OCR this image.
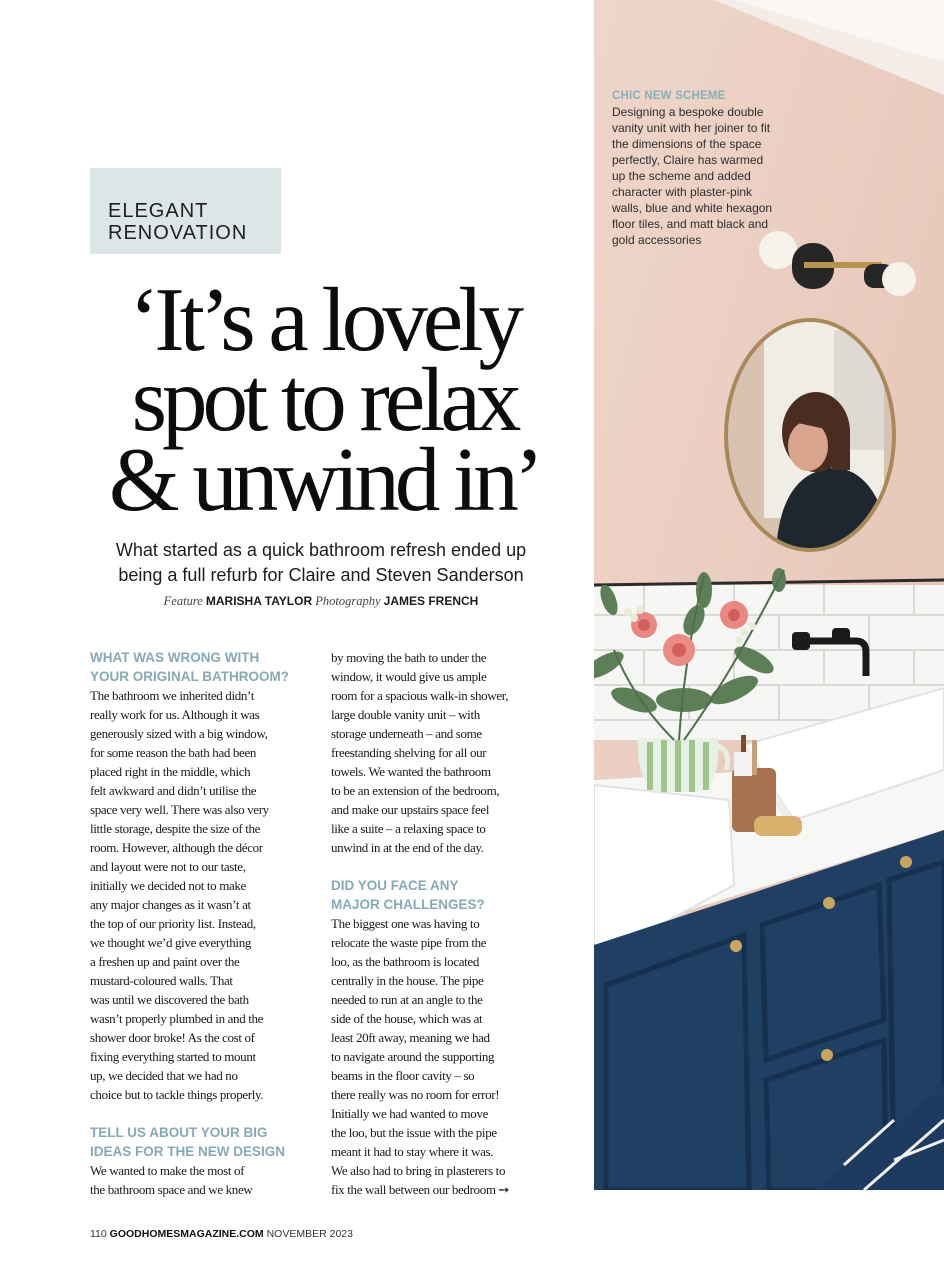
CHIC NEW SCHEME
Designing a bespoke double vanity unit with her joiner to fit the dimensions of the space perfectly, Claire has warmed up the scheme and added character with plaster-pink walls, blue and white hexagon floor tiles, and matt black and gold accessories
ELEGANT
RENOVATION
‘It’s a lovely
spot to relax
& unwind in’
What started as a quick bathroom refresh ended up
being a full refurb for Claire and Steven Sanderson
Feature MARISHA TAYLOR Photography JAMES FRENCH
WHAT WAS WRONG WITH
YOUR ORIGINAL BATHROOM?
The bathroom we inherited didn’t
really work for us. Although it was
generously sized with a big window,
for some reason the bath had been
placed right in the middle, which
felt awkward and didn’t utilise the
space very well. There was also very
little storage, despite the size of the
room. However, although the décor
and layout were not to our taste,
initially we decided not to make
any major changes as it wasn’t at
the top of our priority list. Instead,
we thought we’d give everything
a freshen up and paint over the
mustard-coloured walls. That
was until we discovered the bath
wasn’t properly plumbed in and the
shower door broke! As the cost of
fixing everything started to mount
up, we decided that we had no
choice but to tackle things properly.
TELL US ABOUT YOUR BIG
IDEAS FOR THE NEW DESIGN
We wanted to make the most of
the bathroom space and we knew
by moving the bath to under the
window, it would give us ample
room for a spacious walk-in shower,
large double vanity unit – with
storage underneath – and some
freestanding shelving for all our
towels. We wanted the bathroom
to be an extension of the bedroom,
and make our upstairs space feel
like a suite – a relaxing space to
unwind in at the end of the day.
DID YOU FACE ANY
MAJOR CHALLENGES?
The biggest one was having to
relocate the waste pipe from the
loo, as the bathroom is located
centrally in the house. The pipe
needed to run at an angle to the
side of the house, which was at
least 20ft away, meaning we had
to navigate around the supporting
beams in the floor cavity – so
there really was no room for error!
Initially we had wanted to move
the loo, but the issue with the pipe
meant it had to stay where it was.
We also had to bring in plasterers to
fix the wall between our bedroom ➙
110 GOODHOMESMAGAZINE.COM NOVEMBER 2023
